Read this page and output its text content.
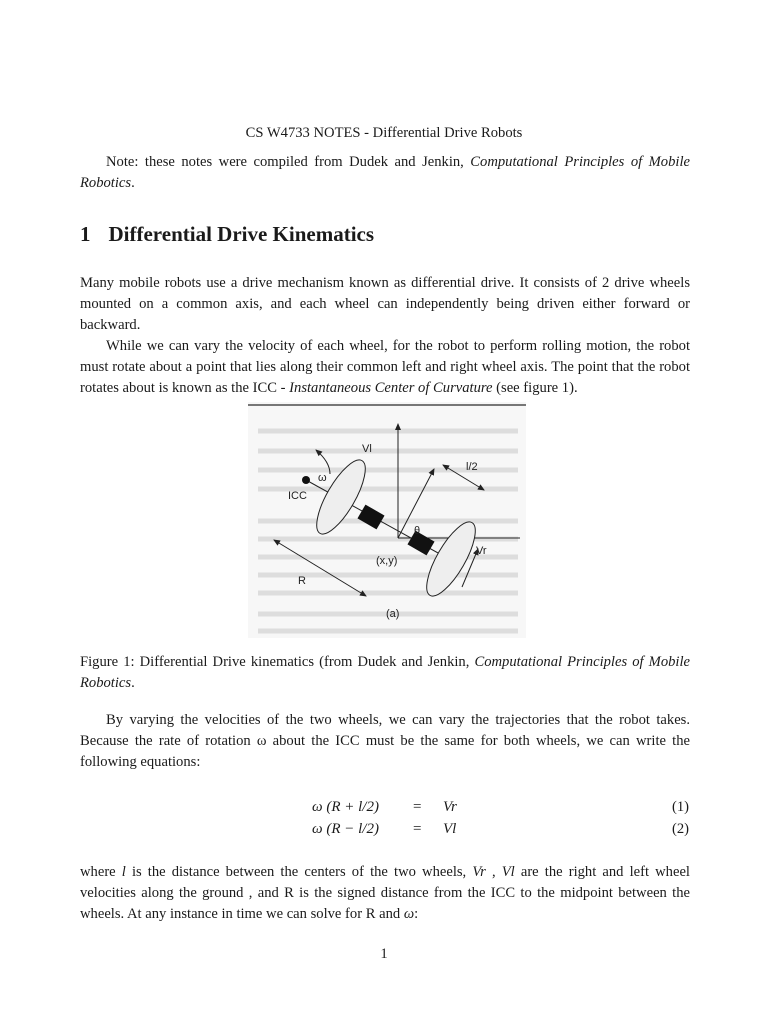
CS W4733 NOTES - Differential Drive Robots
Note: these notes were compiled from Dudek and Jenkin, Computational Principles of Mobile Robotics.
1 Differential Drive Kinematics
Many mobile robots use a drive mechanism known as differential drive. It consists of 2 drive wheels mounted on a common axis, and each wheel can independently being driven either forward or backward.
While we can vary the velocity of each wheel, for the robot to perform rolling motion, the robot must rotate about a point that lies along their common left and right wheel axis. The point that the robot rotates about is known as the ICC - Instantaneous Center of Curvature (see figure 1).
Vl
ω
ICC
l/2
θ
Vr
(x,y)
R
(a)
Figure 1: Differential Drive kinematics (from Dudek and Jenkin, Computational Principles of Mobile Robotics.
By varying the velocities of the two wheels, we can vary the trajectories that the robot takes. Because the rate of rotation ω about the ICC must be the same for both wheels, we can write the following equations:
ω (R + l/2) = Vr	(1)
ω (R − l/2) = Vl	(2)
where l is the distance between the centers of the two wheels, Vr , Vl are the right and left wheel velocities along the ground , and R is the signed distance from the ICC to the midpoint between the wheels. At any instance in time we can solve for R and ω:
1
